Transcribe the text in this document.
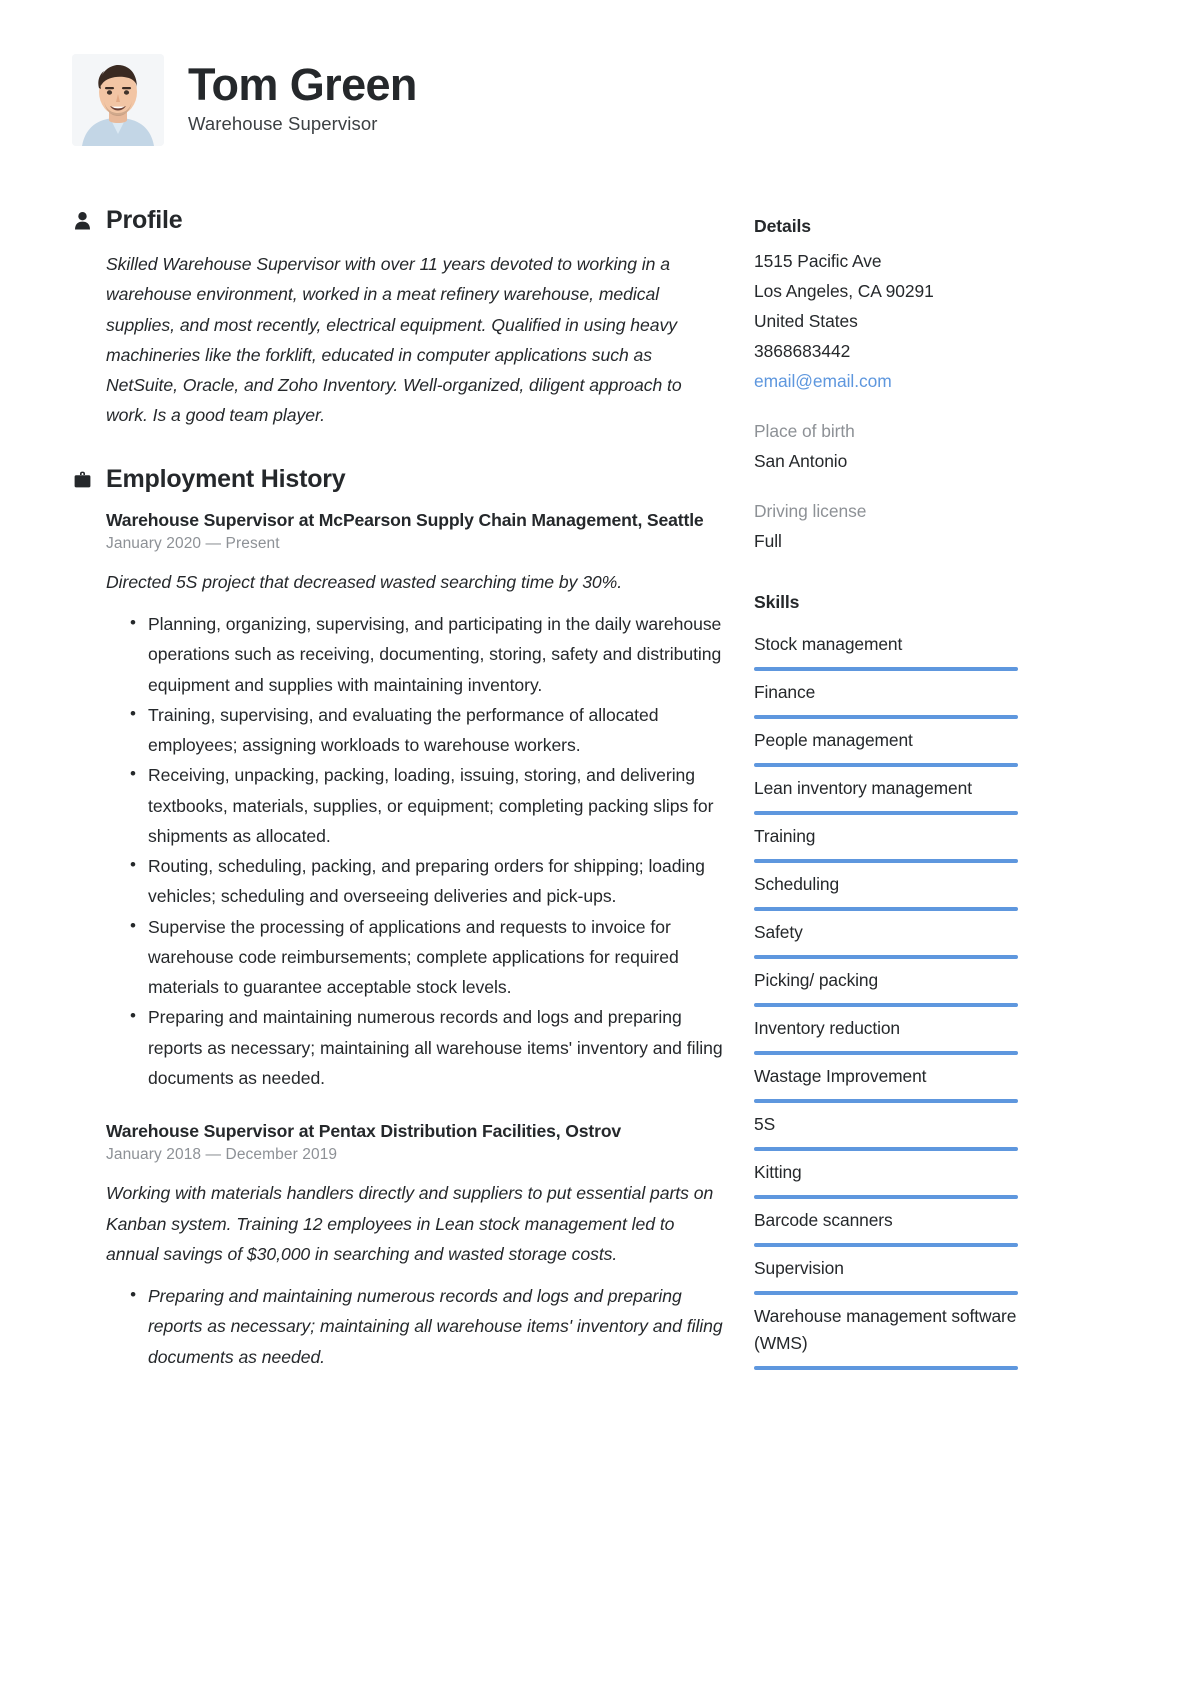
Tom Green
Warehouse Supervisor
Profile

Skilled Warehouse Supervisor with over 11 years devoted to working in a warehouse environment, worked in a meat refinery warehouse, medical supplies, and most recently, electrical equipment. Qualified in using heavy machineries like the forklift, educated in computer applications such as NetSuite, Oracle, and Zoho Inventory. Well-organized, diligent approach to work. Is a good team player.

Employment History
Warehouse Supervisor at McPearson Supply Chain Management, Seattle
January 2020 — Present
Directed 5S project that decreased wasted searching time by 30%.
• Planning, organizing, supervising, and participating in the daily warehouse operations such as receiving, documenting, storing, safety and distributing equipment and supplies with maintaining inventory.
• Training, supervising, and evaluating the performance of allocated employees; assigning workloads to warehouse workers.
• Receiving, unpacking, packing, loading, issuing, storing, and delivering textbooks, materials, supplies, or equipment; completing packing slips for shipments as allocated.
• Routing, scheduling, packing, and preparing orders for shipping; loading vehicles; scheduling and overseeing deliveries and pick-ups.
• Supervise the processing of applications and requests to invoice for warehouse code reimbursements; complete applications for required materials to guarantee acceptable stock levels.
• Preparing and maintaining numerous records and logs and preparing reports as necessary; maintaining all warehouse items' inventory and filing documents as needed.
Warehouse Supervisor at Pentax Distribution Facilities, Ostrov
January 2018 — December 2019
Working with materials handlers directly and suppliers to put essential parts on Kanban system. Training 12 employees in Lean stock management led to annual savings of $30,000 in searching and wasted storage costs.
• Preparing and maintaining numerous records and logs and preparing reports as necessary; maintaining all warehouse items' inventory and filing documents as needed.
Details
1515 Pacific Ave
Los Angeles, CA 90291
United States
3868683442
email@email.com
Place of birth
San Antonio
Driving license
Full
Skills
Stock management
Finance
People management
Lean inventory management
Training
Scheduling
Safety
Picking/ packing
Inventory reduction
Wastage Improvement
5S
Kitting
Barcode scanners
Supervision
Warehouse management software (WMS)
